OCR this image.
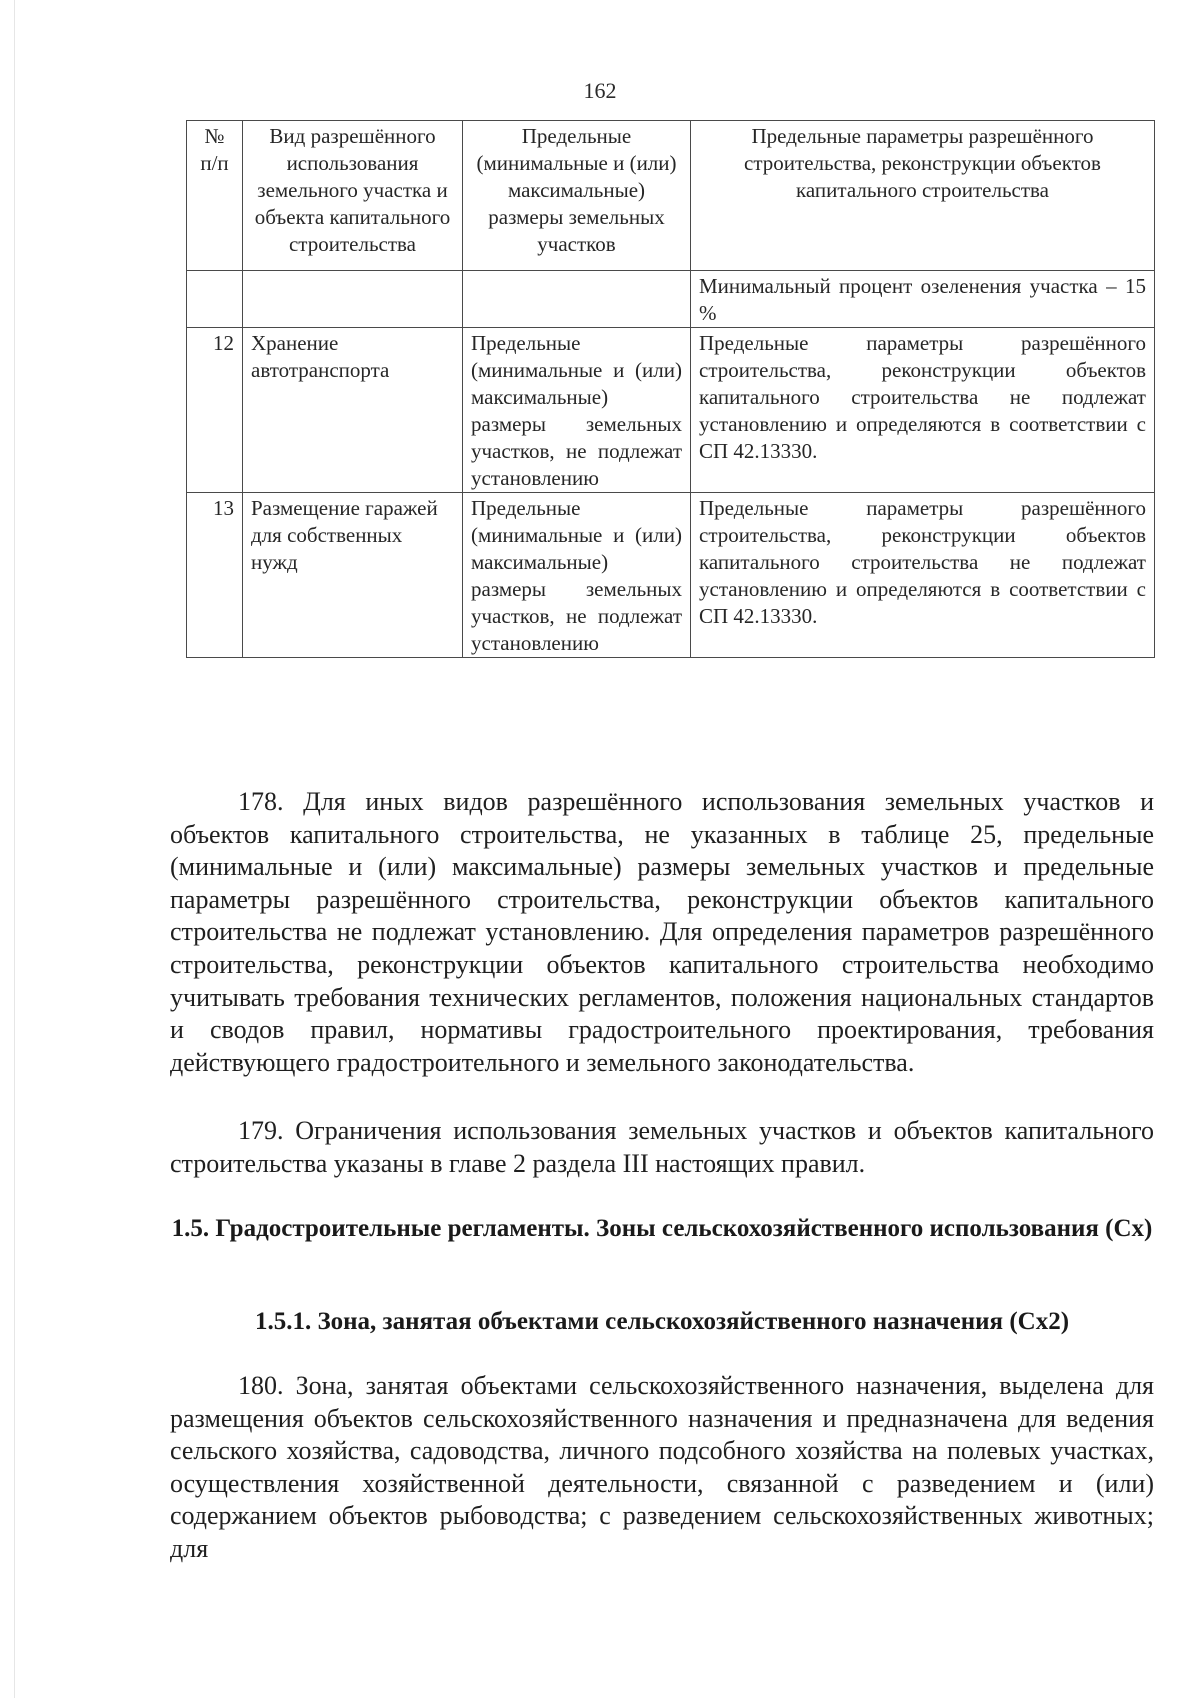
162
№ п/п	Вид разрешённого использования земельного участка и объекта капитального строительства	Предельные (минимальные и (или) максимальные) размеры земельных участков	Предельные параметры разрешённого строительства, реконструкции объектов капитального строительства
			Минимальный процент озеленения участка – 15 %
12	Хранение автотранспорта	Предельные (минимальные и (или) максимальные) размеры земельных участков, не подлежат установлению	Предельные параметры разрешённого строительства, реконструкции объектов капитального строительства не подлежат установлению и определяются в соответствии с СП 42.13330.
13	Размещение гаражей для собственных нужд	Предельные (минимальные и (или) максимальные) размеры земельных участков, не подлежат установлению	Предельные параметры разрешённого строительства, реконструкции объектов капитального строительства не подлежат установлению и определяются в соответствии с СП 42.13330.

178. Для иных видов разрешённого использования земельных участков и объектов капитального строительства, не указанных в таблице 25, предельные (минимальные и (или) максимальные) размеры земельных участков и предельные параметры разрешённого строительства, реконструкции объектов капитального строительства не подлежат установлению. Для определения параметров разрешённого строительства, реконструкции объектов капитального строительства необходимо учитывать требования технических регламентов, положения национальных стандартов и сводов правил, нормативы градостроительного проектирования, требования действующего градостроительного и земельного законодательства.

179. Ограничения использования земельных участков и объектов капитального строительства указаны в главе 2 раздела III настоящих правил.

1.5. Градостроительные регламенты. Зоны сельскохозяйственного использования (Сх)
1.5.1. Зона, занятая объектами сельскохозяйственного назначения (Сх2)

180. Зона, занятая объектами сельскохозяйственного назначения, выделена для размещения объектов сельскохозяйственного назначения и предназначена для ведения сельского хозяйства, садоводства, личного подсобного хозяйства на полевых участках, осуществления хозяйственной деятельности, связанной с разведением и (или) содержанием объектов рыбоводства; с разведением сельскохозяйственных животных; для
